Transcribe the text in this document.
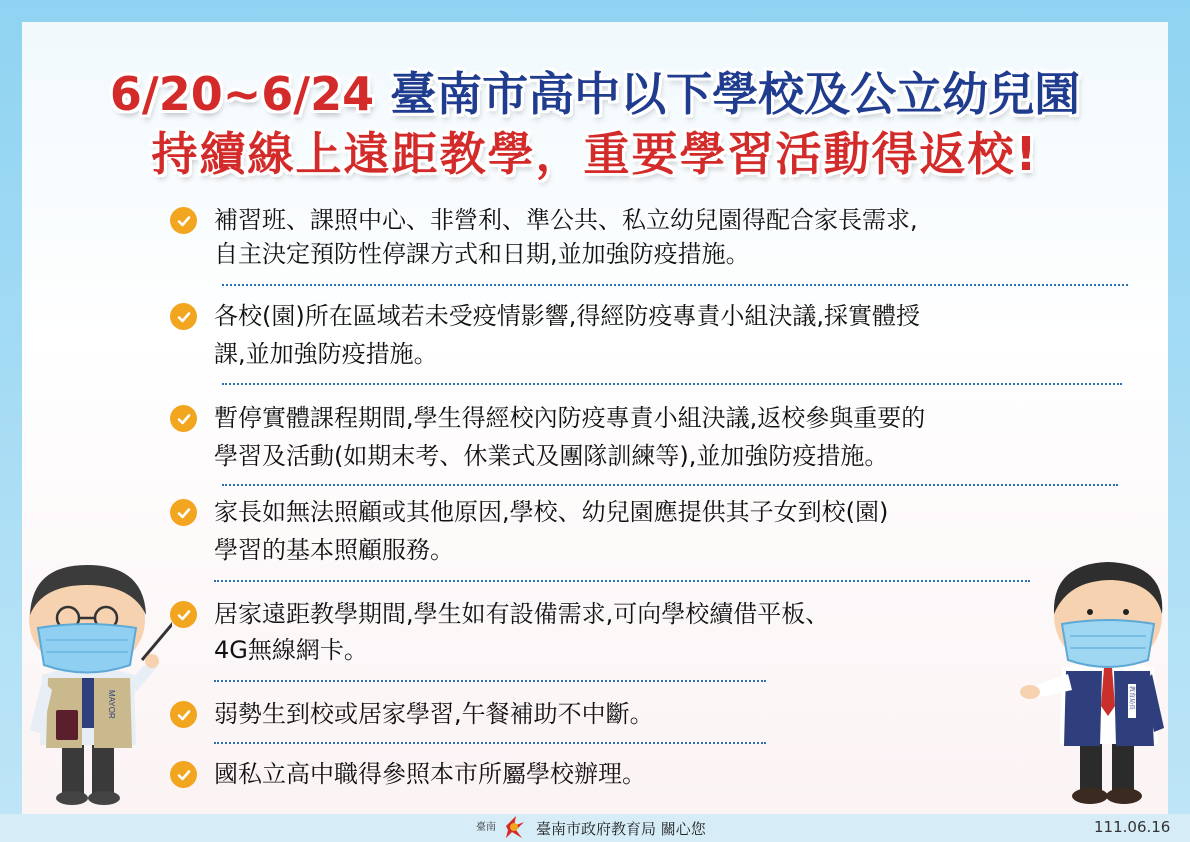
6/20~6/24 臺南市高中以下學校及公立幼兒園
持續線上遠距教學，重要學習活動得返校!
補習班、課照中心、非營利、準公共、私立幼兒園得配合家長需求,
自主決定預防性停課方式和日期,並加強防疫措施。
各校(園)所在區域若未受疫情影響,得經防疫專責小組決議,採實體授
課,並加強防疫措施。
暫停實體課程期間,學生得經校內防疫專責小組決議,返校參與重要的
學習及活動(如期末考、休業式及團隊訓練等),並加強防疫措施。
家長如無法照顧或其他原因,學校、幼兒園應提供其子女到校(園)
學習的基本照顧服務。
居家遠距教學期間,學生如有設備需求,可向學校續借平板、
4G無線網卡。
弱勢生到校或居家學習,午餐補助不中斷。
國私立高中職得參照本市所屬學校辦理。
MAYOR	教育局長
臺南	臺南市政府教育局 關心您	111.06.16
